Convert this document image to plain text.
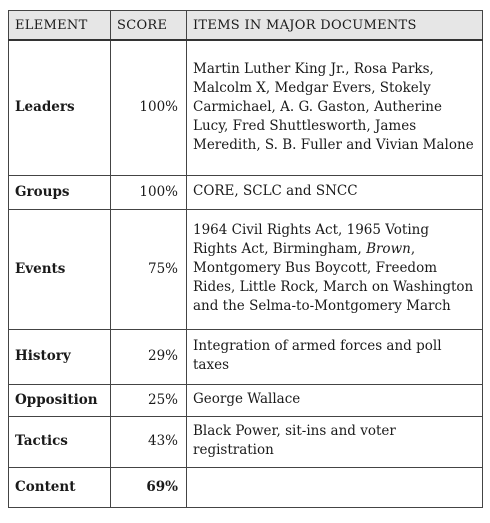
ELEMENT	SCORE	ITEMS IN MAJOR DOCUMENTS
Leaders	100%	Martin Luther King Jr., Rosa Parks, Malcolm X, Medgar Evers, Stokely Carmichael, A. G. Gaston, Autherine Lucy, Fred Shuttlesworth, James Meredith, S. B. Fuller and Vivian Malone
Groups	100%	CORE, SCLC and SNCC
Events	75%	1964 Civil Rights Act, 1965 Voting Rights Act, Birmingham, Brown, Montgomery Bus Boycott, Freedom Rides, Little Rock, March on Washington and the Selma-to-Montgomery March
History	29%	Integration of armed forces and poll taxes
Opposition	25%	George Wallace
Tactics	43%	Black Power, sit-ins and voter registration
Content	69%	
